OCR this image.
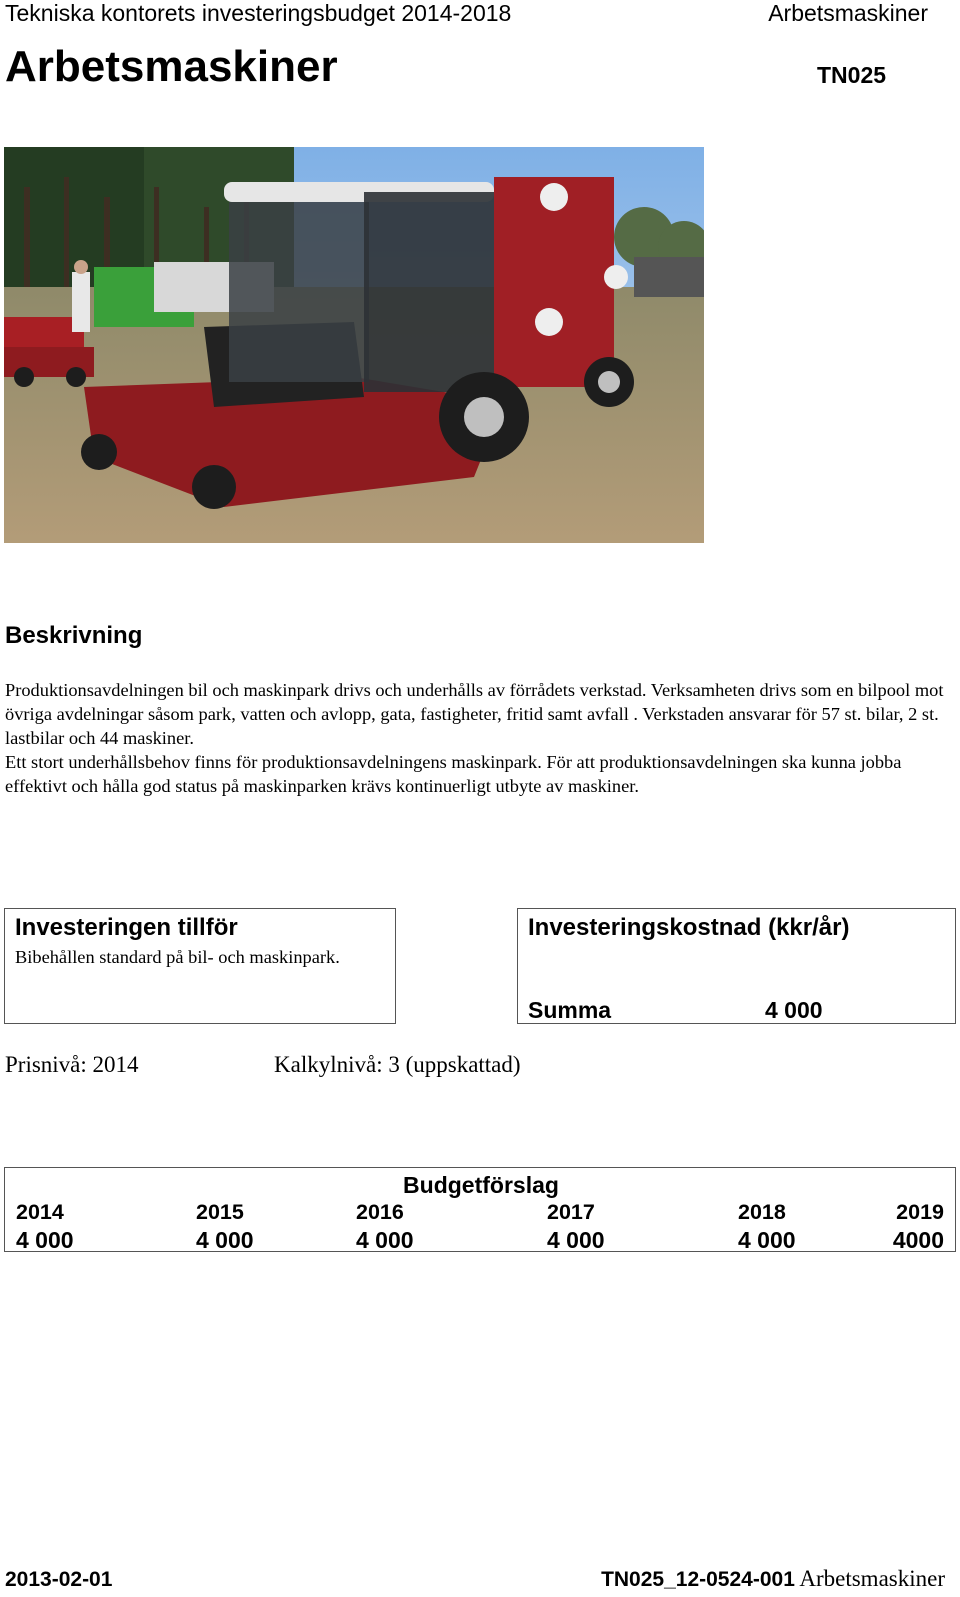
Tekniska kontorets investeringsbudget 2014-2018	Arbetsmaskiner
Arbetsmaskiner	TN025
Beskrivning

Produktionsavdelningen bil och maskinpark drivs och underhålls av förrådets verkstad. Verksamheten drivs som en bilpool mot övriga avdelningar såsom park, vatten och avlopp, gata, fastigheter, fritid samt avfall . Verkstaden ansvarar för 57 st. bilar, 2 st. lastbilar och 44 maskiner.

Ett stort underhållsbehov finns för produktionsavdelningens maskinpark. För att produktionsavdelningen ska kunna jobba effektivt och hålla god status på maskinparken krävs kontinuerligt utbyte av maskiner.

Investeringen tillför
Bibehållen standard på bil- och maskinpark.
Investeringskostnad (kkr/år)
Summa	4 000
Prisnivå: 2014	Kalkylnivå: 3 (uppskattad)
Budgetförslag
2014	2015	2016	2017	2018	2019
4 000	4 000	4 000	4 000	4 000	4000
2013-02-01	TN025_12-0524-001 Arbetsmaskiner
